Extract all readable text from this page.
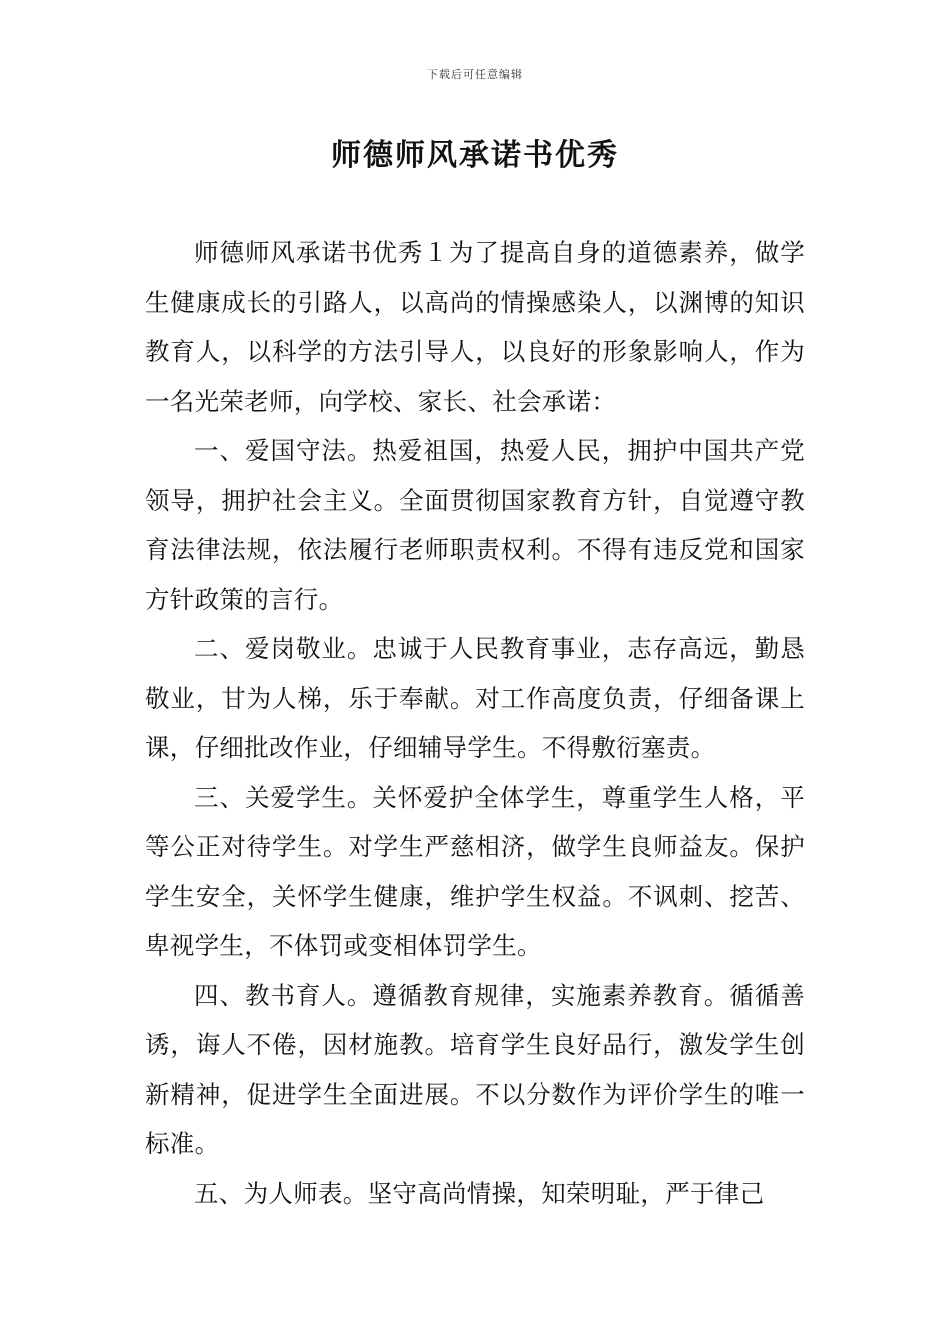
下载后可任意编辑
师德师风承诺书优秀

师德师风承诺书优秀１为了提高自身的道德素养，做学生健康成长的引路人，以高尚的情操感染人，以渊博的知识教育人，以科学的方法引导人，以良好的形象影响人，作为一名光荣老师，向学校、家长、社会承诺：

一、爱国守法。热爱祖国，热爱人民，拥护中国共产党领导，拥护社会主义。全面贯彻国家教育方针，自觉遵守教育法律法规，依法履行老师职责权利。不得有违反党和国家方针政策的言行。

二、爱岗敬业。忠诚于人民教育事业，志存高远，勤恳敬业，甘为人梯，乐于奉献。对工作高度负责，仔细备课上课，仔细批改作业，仔细辅导学生。不得敷衍塞责。

三、关爱学生。关怀爱护全体学生，尊重学生人格，平等公正对待学生。对学生严慈相济，做学生良师益友。保护学生安全，关怀学生健康，维护学生权益。不讽刺、挖苦、卑视学生，不体罚或变相体罚学生。

四、教书育人。遵循教育规律，实施素养教育。循循善诱，诲人不倦，因材施教。培育学生良好品行，激发学生创新精神，促进学生全面进展。不以分数作为评价学生的唯一标准。

五、为人师表。坚守高尚情操，知荣明耻，严于律己
